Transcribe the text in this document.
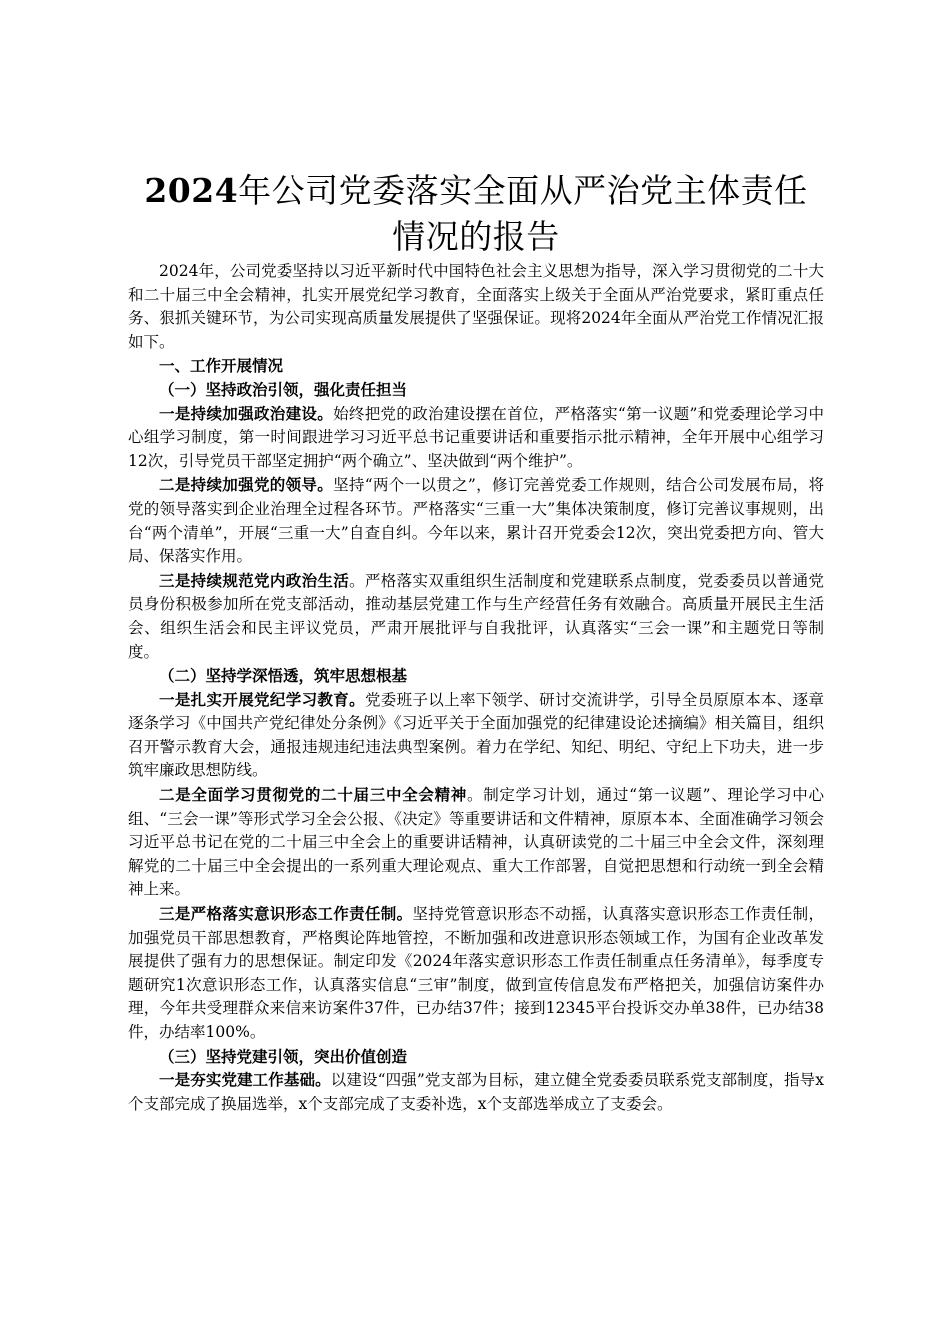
2024年公司党委落实全面从严治党主体责任情况的报告

2024年，公司党委坚持以习近平新时代中国特色社会主义思想为指导，深入学习贯彻党的二十大和二十届三中全会精神，扎实开展党纪学习教育，全面落实上级关于全面从严治党要求，紧盯重点任务、狠抓关键环节，为公司实现高质量发展提供了坚强保证。现将2024年全面从严治党工作情况汇报如下。

一、工作开展情况

（一）坚持政治引领，强化责任担当

一是持续加强政治建设。始终把党的政治建设摆在首位，严格落实“第一议题”和党委理论学习中心组学习制度，第一时间跟进学习习近平总书记重要讲话和重要指示批示精神，全年开展中心组学习12次，引导党员干部坚定拥护“两个确立”、坚决做到“两个维护”。

二是持续加强党的领导。坚持“两个一以贯之”，修订完善党委工作规则，结合公司发展布局，将党的领导落实到企业治理全过程各环节。严格落实“三重一大”集体决策制度，修订完善议事规则，出台“两个清单”，开展“三重一大”自查自纠。今年以来，累计召开党委会12次，突出党委把方向、管大局、保落实作用。

三是持续规范党内政治生活。严格落实双重组织生活制度和党建联系点制度，党委委员以普通党员身份积极参加所在党支部活动，推动基层党建工作与生产经营任务有效融合。高质量开展民主生活会、组织生活会和民主评议党员，严肃开展批评与自我批评，认真落实“三会一课”和主题党日等制度。

（二）坚持学深悟透，筑牢思想根基

一是扎实开展党纪学习教育。党委班子以上率下领学、研讨交流讲学，引导全员原原本本、逐章逐条学习《中国共产党纪律处分条例》《习近平关于全面加强党的纪律建设论述摘编》相关篇目，组织召开警示教育大会，通报违规违纪违法典型案例。着力在学纪、知纪、明纪、守纪上下功夫，进一步筑牢廉政思想防线。

二是全面学习贯彻党的二十届三中全会精神。制定学习计划，通过“第一议题”、理论学习中心组、“三会一课”等形式学习全会公报、《决定》等重要讲话和文件精神，原原本本、全面准确学习领会习近平总书记在党的二十届三中全会上的重要讲话精神，认真研读党的二十届三中全会文件，深刻理解党的二十届三中全会提出的一系列重大理论观点、重大工作部署，自觉把思想和行动统一到全会精神上来。

三是严格落实意识形态工作责任制。坚持党管意识形态不动摇，认真落实意识形态工作责任制，加强党员干部思想教育，严格舆论阵地管控，不断加强和改进意识形态领域工作，为国有企业改革发展提供了强有力的思想保证。制定印发《2024年落实意识形态工作责任制重点任务清单》，每季度专题研究1次意识形态工作，认真落实信息“三审”制度，做到宣传信息发布严格把关，加强信访案件办理，今年共受理群众来信来访案件37件，已办结37件；接到12345平台投诉交办单38件，已办结38件，办结率100%。

（三）坚持党建引领，突出价值创造

一是夯实党建工作基础。以建设“四强”党支部为目标，建立健全党委委员联系党支部制度，指导x个支部完成了换届选举，x个支部完成了支委补选，x个支部选举成立了支委会。
